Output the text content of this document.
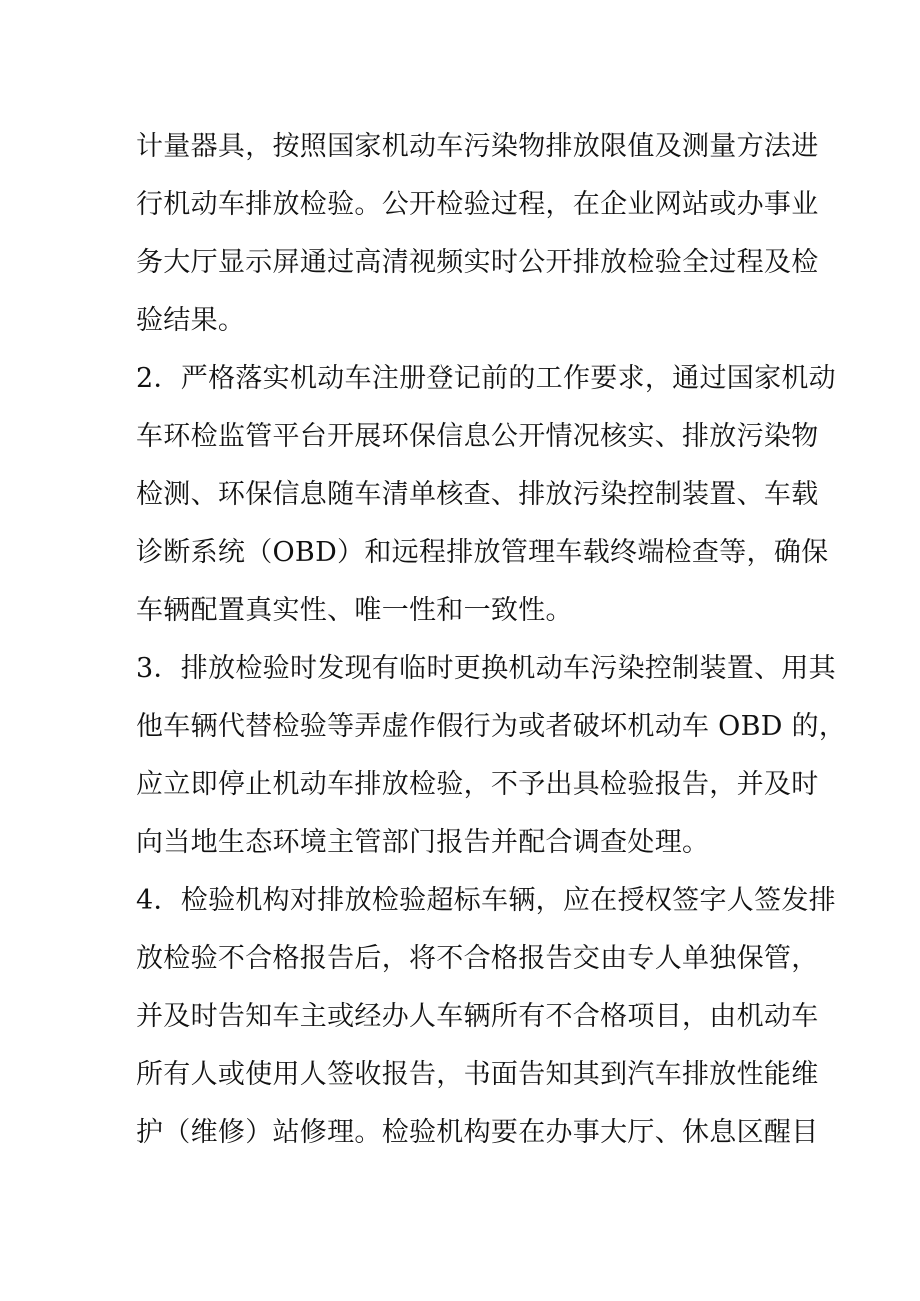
计量器具，按照国家机动车污染物排放限值及测量方法进
行机动车排放检验。公开检验过程，在企业网站或办事业
务大厅显示屏通过高清视频实时公开排放检验全过程及检
验结果。
2．严格落实机动车注册登记前的工作要求，通过国家机动
车环检监管平台开展环保信息公开情况核实、排放污染物
检测、环保信息随车清单核查、排放污染控制装置、车载
诊断系统（OBD）和远程排放管理车载终端检查等，确保
车辆配置真实性、唯一性和一致性。
3．排放检验时发现有临时更换机动车污染控制装置、用其
他车辆代替检验等弄虚作假行为或者破坏机动车 OBD 的，
应立即停止机动车排放检验，不予出具检验报告，并及时
向当地生态环境主管部门报告并配合调查处理。
4．检验机构对排放检验超标车辆，应在授权签字人签发排
放检验不合格报告后，将不合格报告交由专人单独保管，
并及时告知车主或经办人车辆所有不合格项目，由机动车
所有人或使用人签收报告，书面告知其到汽车排放性能维
护（维修）站修理。检验机构要在办事大厅、休息区醒目
